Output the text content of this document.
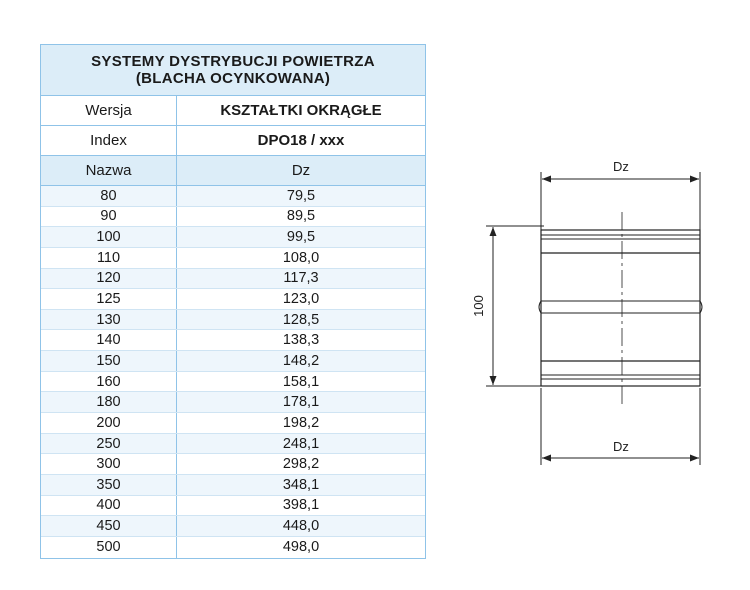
SYSTEMY DYSTRYBUCJI POWIETRZA
(BLACHA OCYNKOWANA)
Wersja	KSZTAŁTKI OKRĄGŁE
Index	DPO18 / xxx
Nazwa	Dz
80	79,5
90	89,5
100	99,5
110	108,0
120	117,3
125	123,0
130	128,5
140	138,3
150	148,2
160	158,1
180	178,1
200	198,2
250	248,1
300	298,2
350	348,1
400	398,1
450	448,0
500	498,0
Dz
Dz
100
